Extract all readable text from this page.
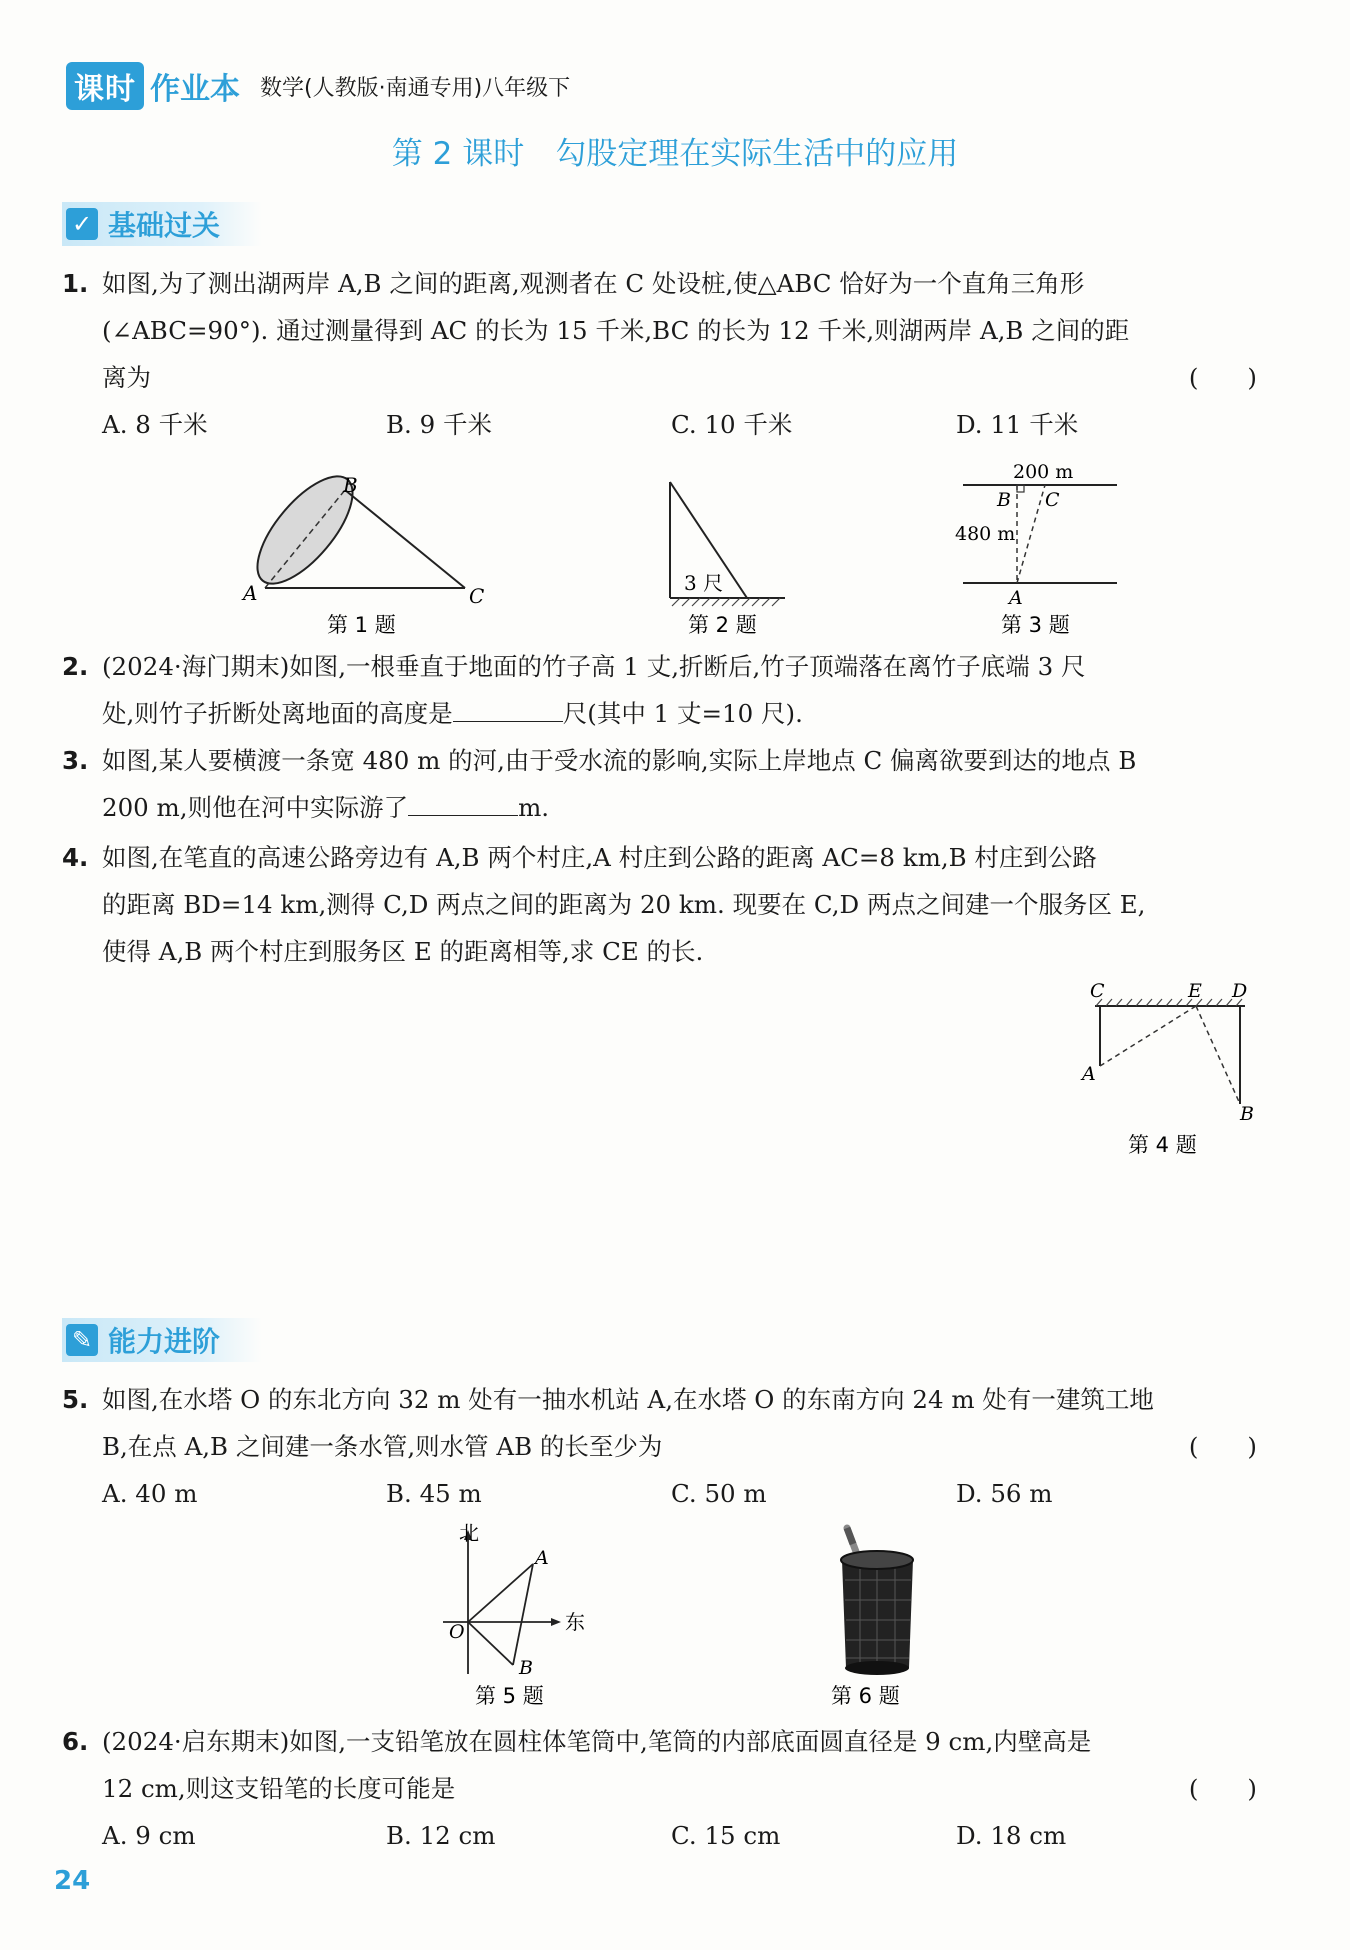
课时 作业本 数学(人教版·南通专用)八年级下
第 2 课时　勾股定理在实际生活中的应用
✓ 基础过关
1. 如图,为了测出湖两岸 A,B 之间的距离,观测者在 C 处设桩,使△ABC 恰好为一个直角三角形
(∠ABC=90°). 通过测量得到 AC 的长为 15 千米,BC 的长为 12 千米,则湖两岸 A,B 之间的距
离为	(　　)
A. 8 千米	B. 9 千米	C. 10 千米	D. 11 千米
A
B
C
第 1 题
3 尺
第 2 题
200 m
B C
480 m
A
第 3 题
2. (2024·海门期末)如图,一根垂直于地面的竹子高 1 丈,折断后,竹子顶端落在离竹子底端 3 尺
处,则竹子折断处离地面的高度是	尺(其中 1 丈=10 尺).
3. 如图,某人要横渡一条宽 480 m 的河,由于受水流的影响,实际上岸地点 C 偏离欲要到达的地点 B
200 m,则他在河中实际游了	m.
4. 如图,在笔直的高速公路旁边有 A,B 两个村庄,A 村庄到公路的距离 AC=8 km,B 村庄到公路
的距离 BD=14 km,测得 C,D 两点之间的距离为 20 km. 现要在 C,D 两点之间建一个服务区 E,
使得 A,B 两个村庄到服务区 E 的距离相等,求 CE 的长.
C	E D
A
B
第 4 题
✎ 能力进阶
5. 如图,在水塔 O 的东北方向 32 m 处有一抽水机站 A,在水塔 O 的东南方向 24 m 处有一建筑工地
B,在点 A,B 之间建一条水管,则水管 AB 的长至少为	(　　)
A. 40 m	B. 45 m	C. 50 m	D. 56 m
北
东
O
A
B
第 5 题	第 6 题
6. (2024·启东期末)如图,一支铅笔放在圆柱体笔筒中,笔筒的内部底面圆直径是 9 cm,内壁高是
12 cm,则这支铅笔的长度可能是	(　　)
A. 9 cm	B. 12 cm	C. 15 cm	D. 18 cm
24
